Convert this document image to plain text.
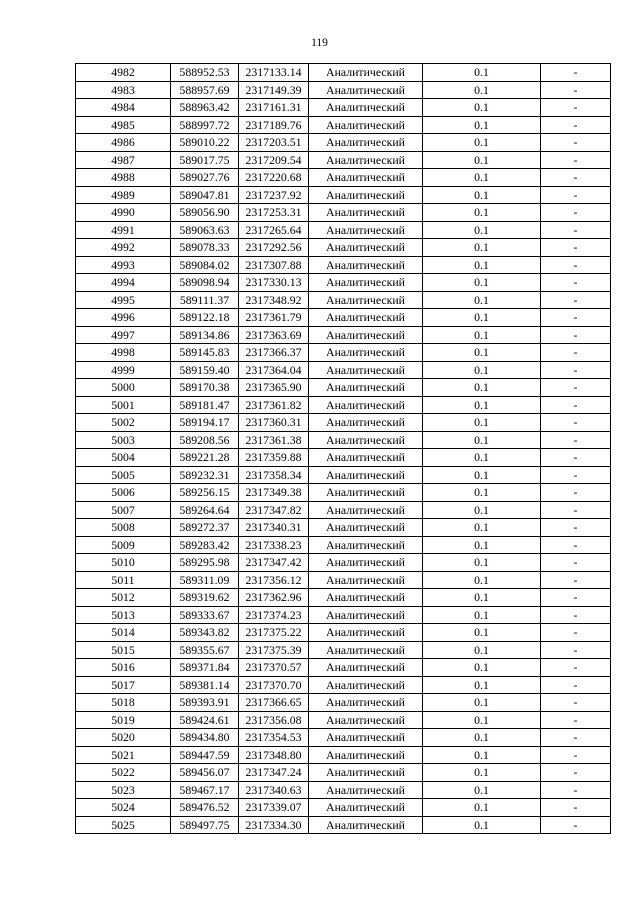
119
4982	588952.53	2317133.14	Аналитический	0.1	-
4983	588957.69	2317149.39	Аналитический	0.1	-
4984	588963.42	2317161.31	Аналитический	0.1	-
4985	588997.72	2317189.76	Аналитический	0.1	-
4986	589010.22	2317203.51	Аналитический	0.1	-
4987	589017.75	2317209.54	Аналитический	0.1	-
4988	589027.76	2317220.68	Аналитический	0.1	-
4989	589047.81	2317237.92	Аналитический	0.1	-
4990	589056.90	2317253.31	Аналитический	0.1	-
4991	589063.63	2317265.64	Аналитический	0.1	-
4992	589078.33	2317292.56	Аналитический	0.1	-
4993	589084.02	2317307.88	Аналитический	0.1	-
4994	589098.94	2317330.13	Аналитический	0.1	-
4995	589111.37	2317348.92	Аналитический	0.1	-
4996	589122.18	2317361.79	Аналитический	0.1	-
4997	589134.86	2317363.69	Аналитический	0.1	-
4998	589145.83	2317366.37	Аналитический	0.1	-
4999	589159.40	2317364.04	Аналитический	0.1	-
5000	589170.38	2317365.90	Аналитический	0.1	-
5001	589181.47	2317361.82	Аналитический	0.1	-
5002	589194.17	2317360.31	Аналитический	0.1	-
5003	589208.56	2317361.38	Аналитический	0.1	-
5004	589221.28	2317359.88	Аналитический	0.1	-
5005	589232.31	2317358.34	Аналитический	0.1	-
5006	589256.15	2317349.38	Аналитический	0.1	-
5007	589264.64	2317347.82	Аналитический	0.1	-
5008	589272.37	2317340.31	Аналитический	0.1	-
5009	589283.42	2317338.23	Аналитический	0.1	-
5010	589295.98	2317347.42	Аналитический	0.1	-
5011	589311.09	2317356.12	Аналитический	0.1	-
5012	589319.62	2317362.96	Аналитический	0.1	-
5013	589333.67	2317374.23	Аналитический	0.1	-
5014	589343.82	2317375.22	Аналитический	0.1	-
5015	589355.67	2317375.39	Аналитический	0.1	-
5016	589371.84	2317370.57	Аналитический	0.1	-
5017	589381.14	2317370.70	Аналитический	0.1	-
5018	589393.91	2317366.65	Аналитический	0.1	-
5019	589424.61	2317356.08	Аналитический	0.1	-
5020	589434.80	2317354.53	Аналитический	0.1	-
5021	589447.59	2317348.80	Аналитический	0.1	-
5022	589456.07	2317347.24	Аналитический	0.1	-
5023	589467.17	2317340.63	Аналитический	0.1	-
5024	589476.52	2317339.07	Аналитический	0.1	-
5025	589497.75	2317334.30	Аналитический	0.1	-
